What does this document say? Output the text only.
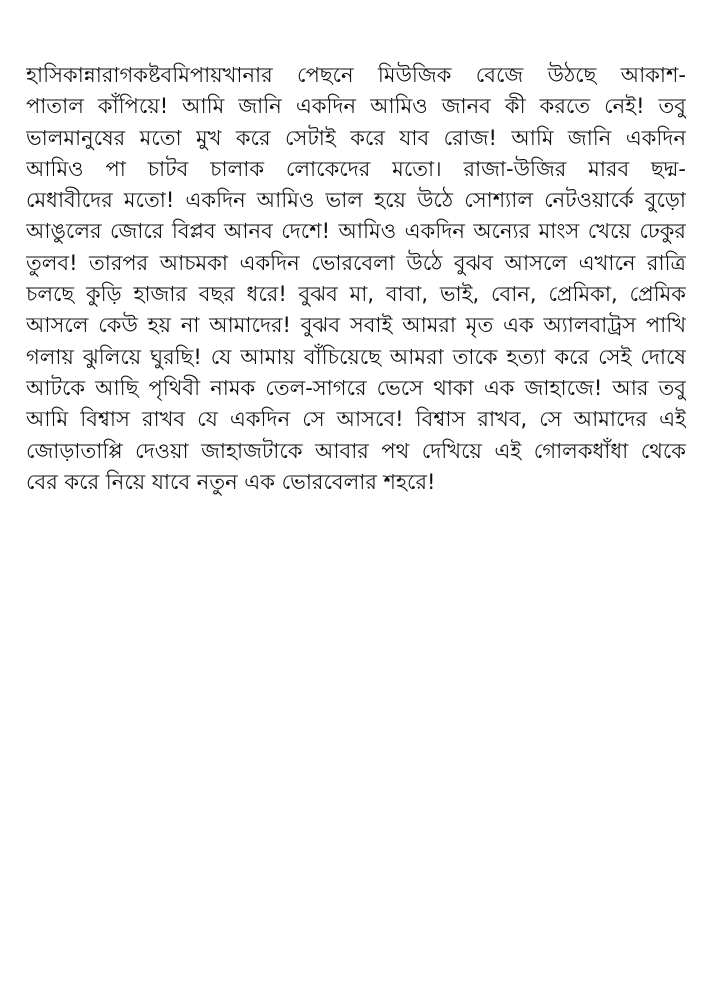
হাসিকান্নারাগকষ্টবমিপায়খানার পেছনে মিউজিক বেজে উঠছে আকাশ-
পাতাল কাঁপিয়ে! আমি জানি একদিন আমিও জানব কী করতে নেই! তবু
ভালমানুষের মতো মুখ করে সেটাই করে যাব রোজ! আমি জানি একদিন
আমিও পা চাটব চালাক লোকেদের মতো। রাজা-উজির মারব ছদ্ম-
মেধাবীদের মতো! একদিন আমিও ভাল হয়ে উঠে সোশ্যাল নেটওয়ার্কে বুড়ো
আঙুলের জোরে বিপ্লব আনব দেশে! আমিও একদিন অন্যের মাংস খেয়ে ঢেকুর
তুলব! তারপর আচমকা একদিন ভোরবেলা উঠে বুঝব আসলে এখানে রাত্রি
চলছে কুড়ি হাজার বছর ধরে! বুঝব মা, বাবা, ভাই, বোন, প্রেমিকা, প্রেমিক
আসলে কেউ হয় না আমাদের! বুঝব সবাই আমরা মৃত এক অ্যালবাট্রস পাখি
গলায় ঝুলিয়ে ঘুরছি! যে আমায় বাঁচিয়েছে আমরা তাকে হত্যা করে সেই দোষে
আটকে আছি পৃথিবী নামক তেল-সাগরে ভেসে থাকা এক জাহাজে! আর তবু
আমি বিশ্বাস রাখব যে একদিন সে আসবে! বিশ্বাস রাখব, সে আমাদের এই
জোড়াতাপ্পি দেওয়া জাহাজটাকে আবার পথ দেখিয়ে এই গোলকধাঁধা থেকে
বের করে নিয়ে যাবে নতুন এক ভোরবেলার শহরে!
